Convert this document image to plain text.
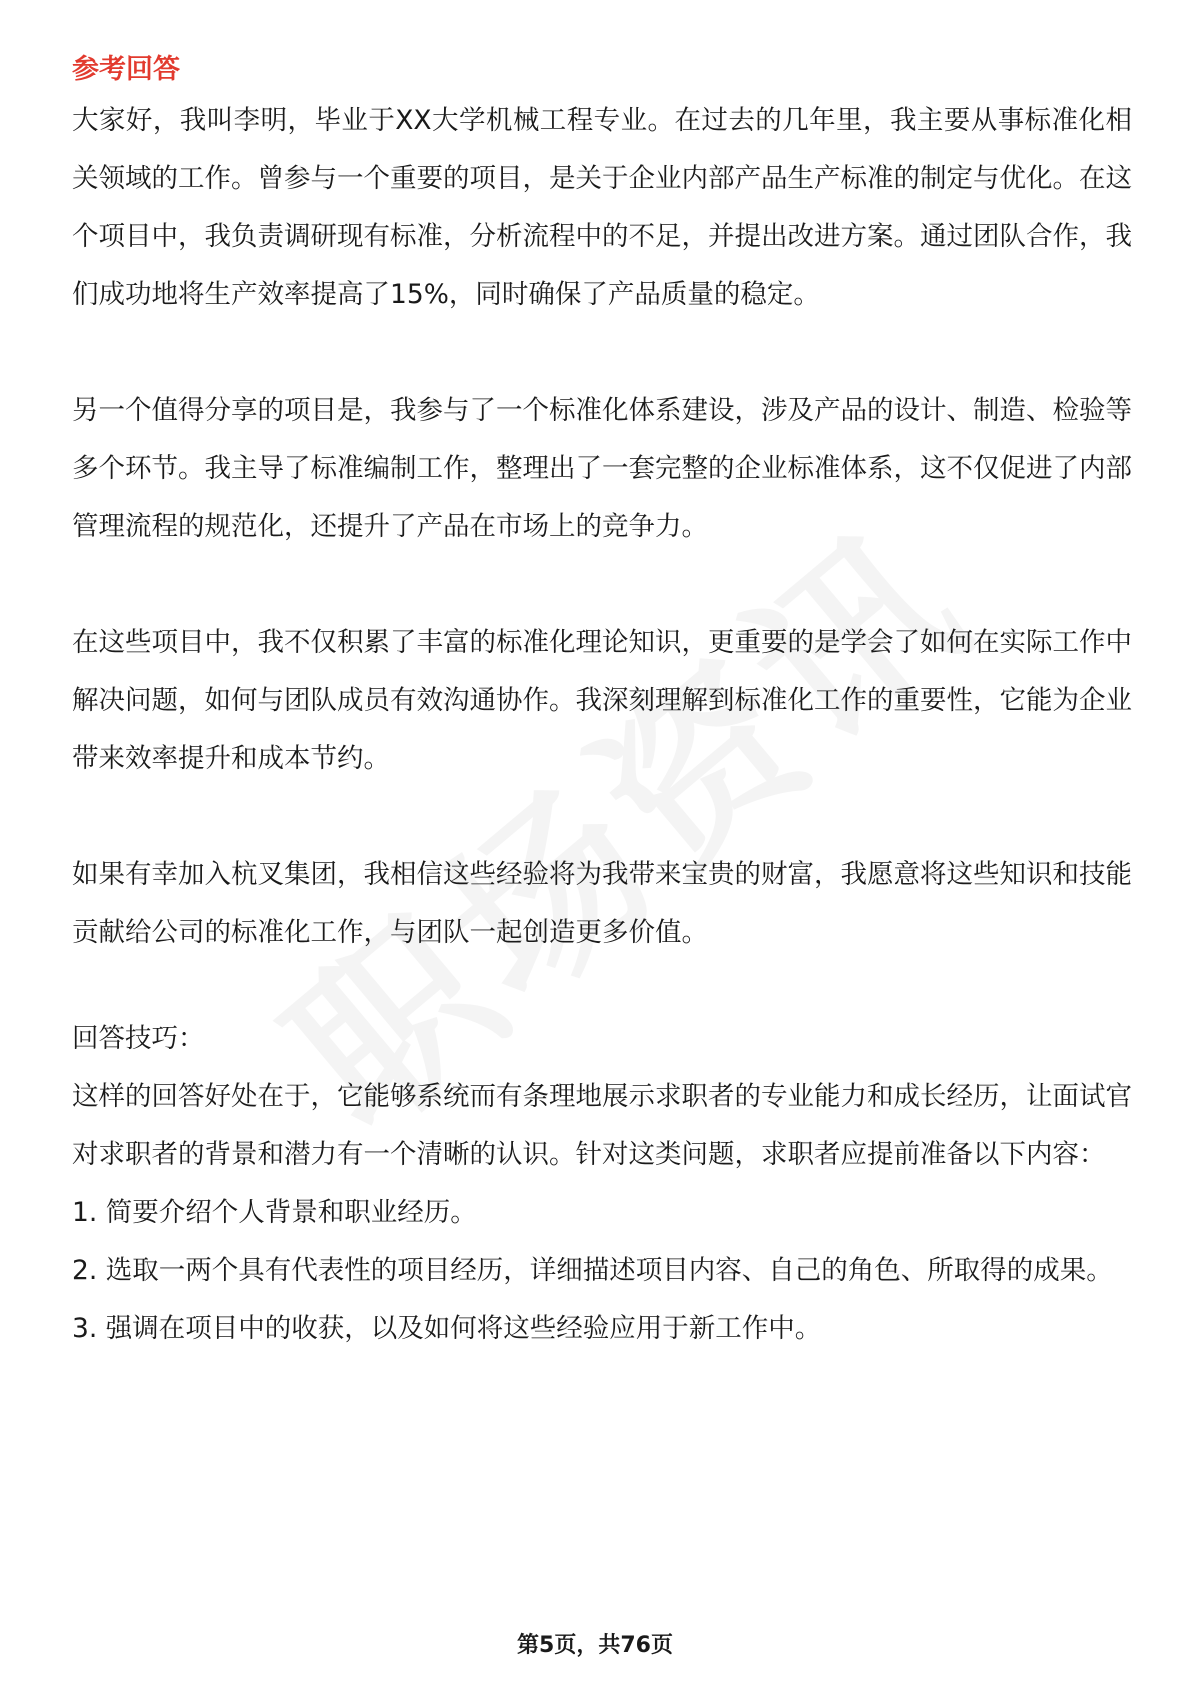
参考回答

大家好，我叫李明，毕业于XX大学机械工程专业。在过去的几年里，我主要从事标准化相关领域的工作。曾参与一个重要的项目，是关于企业内部产品生产标准的制定与优化。在这个项目中，我负责调研现有标准，分析流程中的不足，并提出改进方案。通过团队合作，我们成功地将生产效率提高了15%，同时确保了产品质量的稳定。

另一个值得分享的项目是，我参与了一个标准化体系建设，涉及产品的设计、制造、检验等多个环节。我主导了标准编制工作，整理出了一套完整的企业标准体系，这不仅促进了内部管理流程的规范化，还提升了产品在市场上的竞争力。

在这些项目中，我不仅积累了丰富的标准化理论知识，更重要的是学会了如何在实际工作中解决问题，如何与团队成员有效沟通协作。我深刻理解到标准化工作的重要性，它能为企业带来效率提升和成本节约。

如果有幸加入杭叉集团，我相信这些经验将为我带来宝贵的财富，我愿意将这些知识和技能贡献给公司的标准化工作，与团队一起创造更多价值。

回答技巧：

这样的回答好处在于，它能够系统而有条理地展示求职者的专业能力和成长经历，让面试官对求职者的背景和潜力有一个清晰的认识。针对这类问题，求职者应提前准备以下内容：

1. 简要介绍个人背景和职业经历。

2. 选取一两个具有代表性的项目经历，详细描述项目内容、自己的角色、所取得的成果。

3. 强调在项目中的收获，以及如何将这些经验应用于新工作中。

第5页，共76页
